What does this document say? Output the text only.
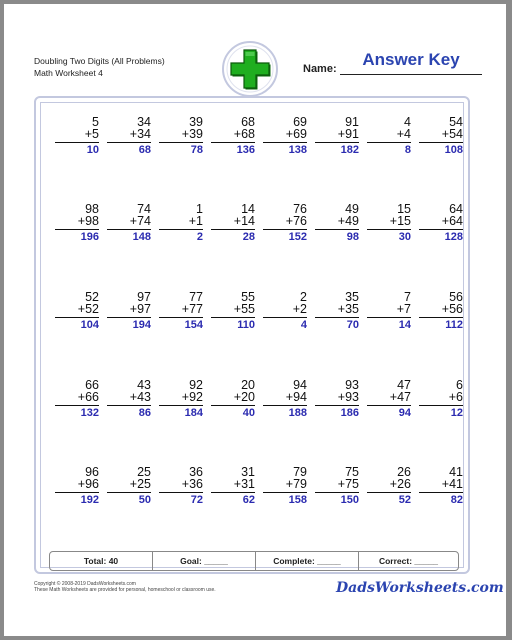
Doubling Two Digits (All Problems)
Math Worksheet 4	Name:	Answer Key
5
+5
10
34
+34
68
39
+39
78
68
+68
136
69
+69
138
91
+91
182
4
+4
8
54
+54
108
98
+98
196
74
+74
148
1
+1
2
14
+14
28
76
+76
152
49
+49
98
15
+15
30
64
+64
128
52
+52
104
97
+97
194
77
+77
154
55
+55
110
2
+2
4
35
+35
70
7
+7
14
56
+56
112
66
+66
132
43
+43
86
92
+92
184
20
+20
40
94
+94
188
93
+93
186
47
+47
94
6
+6
12
96
+96
192
25
+25
50
36
+36
72
31
+31
62
79
+79
158
75
+75
150
26
+26
52
41
+41
82
Total: 40	Goal: _____	Complete: _____	Correct: _____
Copyright © 2008-2019 DadsWorksheets.com
These Math Worksheets are provided for personal, homeschool or classroom use.	DadsWorksheets.com
